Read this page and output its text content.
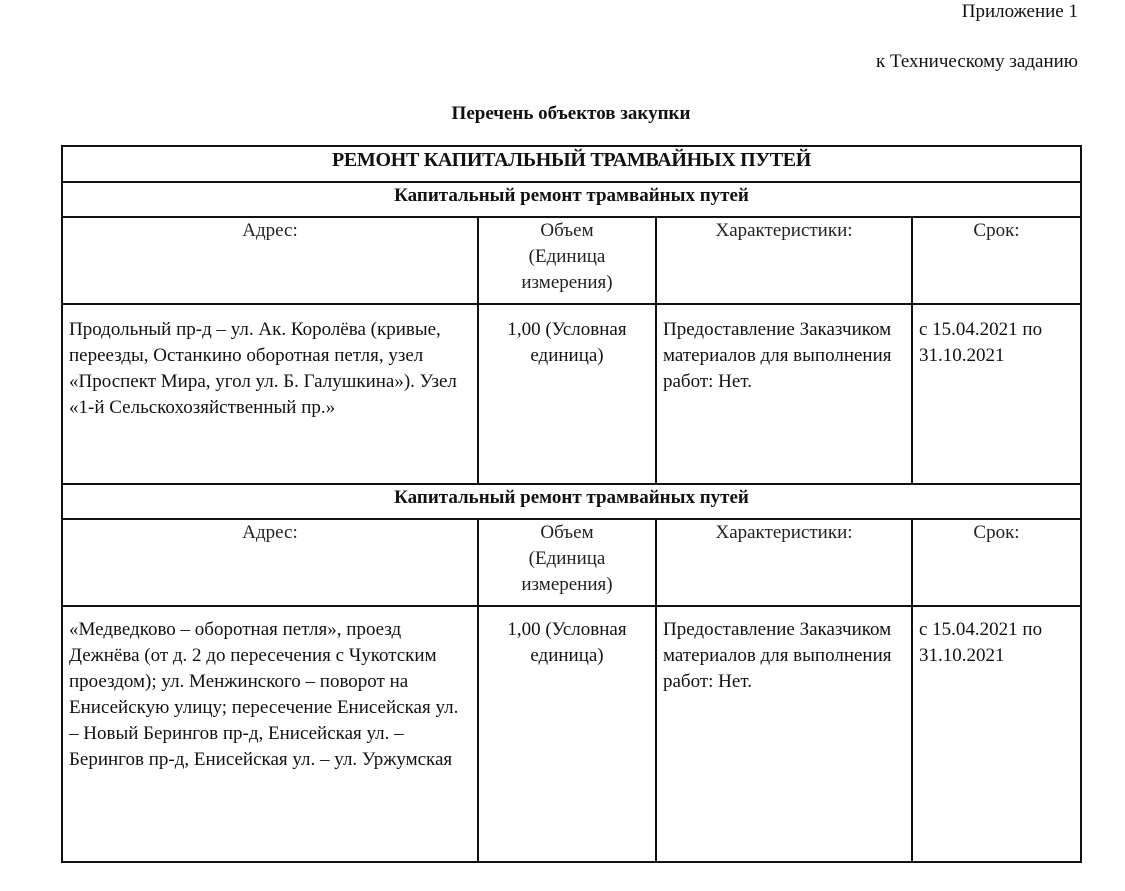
Приложение 1
к Техническому заданию
Перечень объектов закупки
РЕМОНТ КАПИТАЛЬНЫЙ ТРАМВАЙНЫХ ПУТЕЙ			
Капитальный ремонт трамвайных путей			
Адрес:	Объем
(Единица
измерения)	Характеристики:	Срок:
Продольный пр-д – ул. Ак. Королёва (кривые, переезды, Останкино оборотная петля, узел «Проспект Мира, угол ул. Б. Галушкина»). Узел «1-й Сельскохозяйственный пр.»	1,00 (Условная единица)	Предоставление Заказчиком материалов для выполнения работ: Нет.	с 15.04.2021 по 31.10.2021
Капитальный ремонт трамвайных путей			
Адрес:	Объем
(Единица
измерения)	Характеристики:	Срок:
«Медведково – оборотная петля», проезд Дежнёва (от д. 2 до пересечения с Чукотским проездом); ул. Менжинского – поворот на Енисейскую улицу; пересечение Енисейская ул. – Новый Берингов пр-д, Енисейская ул. – Берингов пр-д, Енисейская ул. – ул. Уржумская	1,00 (Условная единица)	Предоставление Заказчиком материалов для выполнения работ: Нет.	с 15.04.2021 по 31.10.2021
